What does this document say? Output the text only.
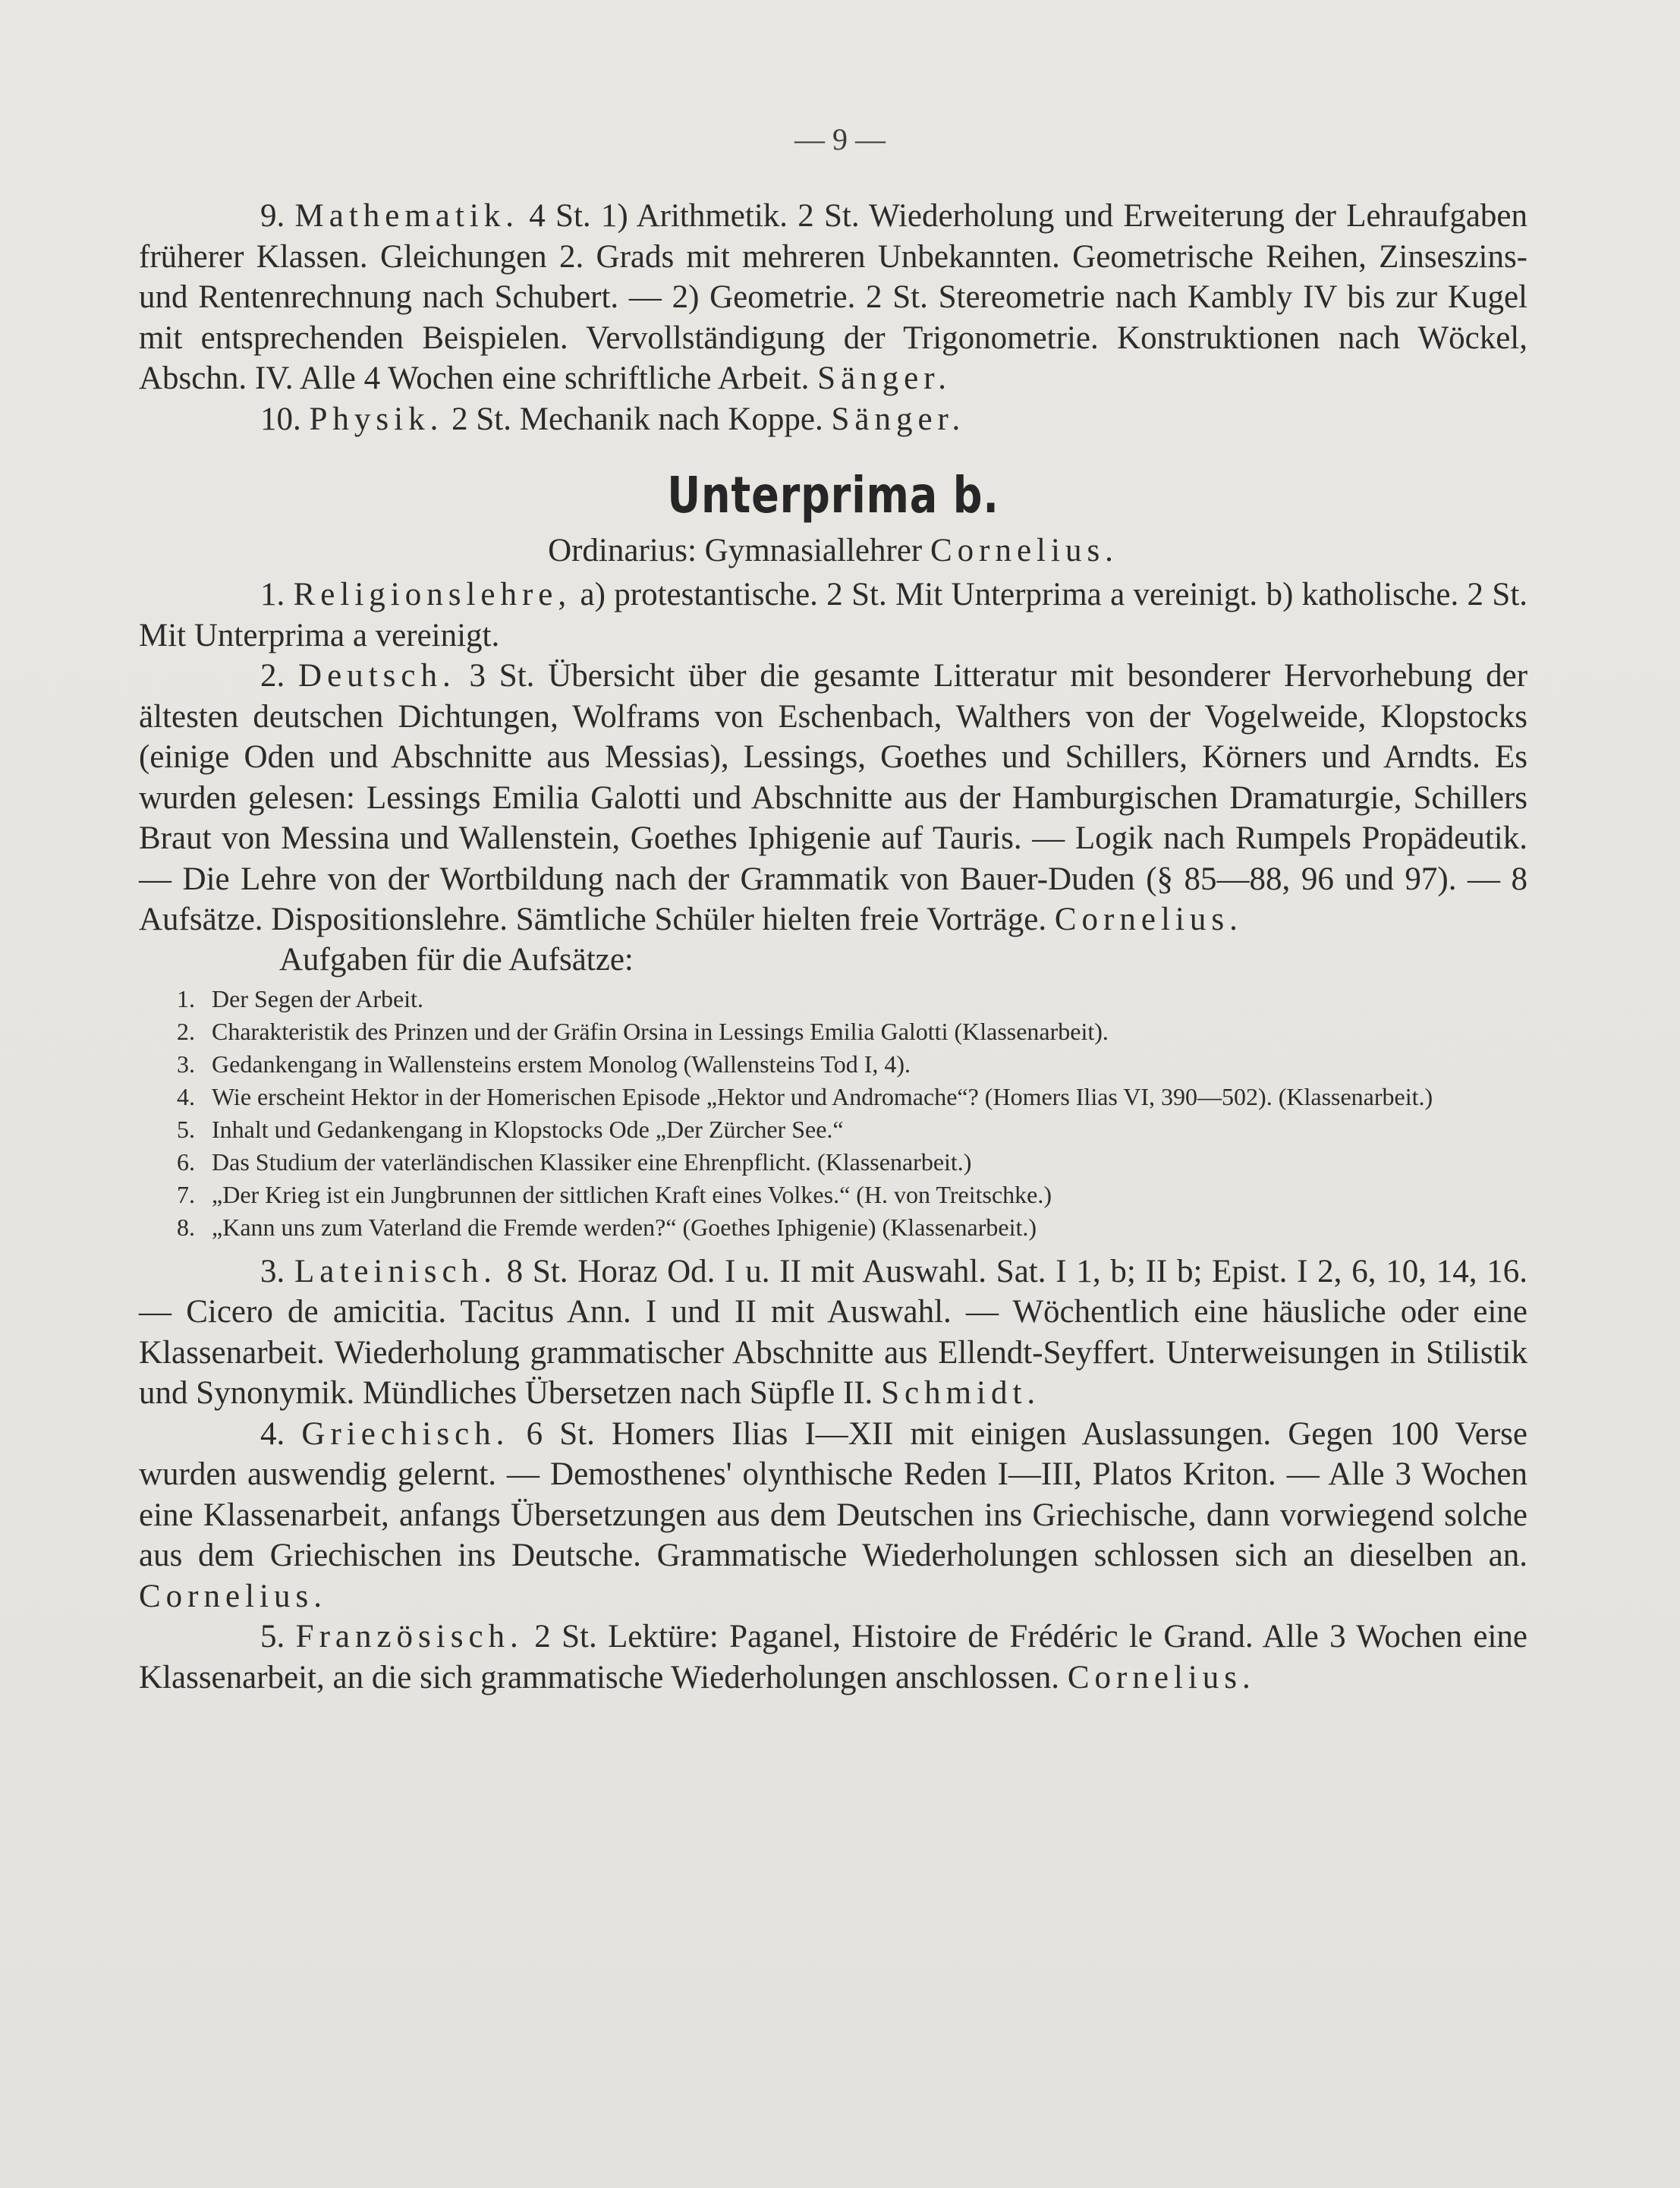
— 9 —

9. Mathematik. 4 St. 1) Arithmetik. 2 St. Wiederholung und Erweiterung der Lehraufgaben früherer Klassen. Gleichungen 2. Grads mit mehreren Unbekannten. Geometrische Reihen, Zinseszins- und Rentenrechnung nach Schubert. — 2) Geometrie. 2 St. Stereometrie nach Kambly IV bis zur Kugel mit entsprechenden Beispielen. Vervollständigung der Trigonometrie. Konstruktionen nach Wöckel, Abschn. IV. Alle 4 Wochen eine schriftliche Arbeit. Sänger.

10. Physik. 2 St. Mechanik nach Koppe. Sänger.

Unterprima b.
Ordinarius: Gymnasiallehrer Cornelius.

1. Religionslehre, a) protestantische. 2 St. Mit Unterprima a vereinigt. b) katholische. 2 St. Mit Unterprima a vereinigt.

2. Deutsch. 3 St. Übersicht über die gesamte Litteratur mit besonderer Hervorhebung der ältesten deutschen Dichtungen, Wolframs von Eschenbach, Walthers von der Vogelweide, Klopstocks (einige Oden und Abschnitte aus Messias), Lessings, Goethes und Schillers, Körners und Arndts. Es wurden gelesen: Lessings Emilia Galotti und Abschnitte aus der Hamburgischen Dramaturgie, Schillers Braut von Messina und Wallenstein, Goethes Iphigenie auf Tauris. — Logik nach Rumpels Propädeutik. — Die Lehre von der Wortbildung nach der Grammatik von Bauer-Duden (§ 85—88, 96 und 97). — 8 Aufsätze. Dispositionslehre. Sämtliche Schüler hielten freie Vorträge. Cornelius.

Aufgaben für die Aufsätze:

1. Der Segen der Arbeit.
2. Charakteristik des Prinzen und der Gräfin Orsina in Lessings Emilia Galotti (Klassenarbeit).
3. Gedankengang in Wallensteins erstem Monolog (Wallensteins Tod I, 4).
4. Wie erscheint Hektor in der Homerischen Episode „Hektor und Andromache“? (Homers Ilias VI, 390—502). (Klassenarbeit.)
5. Inhalt und Gedankengang in Klopstocks Ode „Der Zürcher See.“
6. Das Studium der vaterländischen Klassiker eine Ehrenpflicht. (Klassenarbeit.)
7. „Der Krieg ist ein Jungbrunnen der sittlichen Kraft eines Volkes.“ (H. von Treitschke.)
8. „Kann uns zum Vaterland die Fremde werden?“ (Goethes Iphigenie) (Klassenarbeit.)

3. Lateinisch. 8 St. Horaz Od. I u. II mit Auswahl. Sat. I 1, b; II b; Epist. I 2, 6, 10, 14, 16. — Cicero de amicitia. Tacitus Ann. I und II mit Auswahl. — Wöchentlich eine häusliche oder eine Klassenarbeit. Wiederholung grammatischer Abschnitte aus Ellendt-Seyffert. Unterweisungen in Stilistik und Synonymik. Mündliches Übersetzen nach Süpfle II. Schmidt.

4. Griechisch. 6 St. Homers Ilias I—XII mit einigen Auslassungen. Gegen 100 Verse wurden auswendig gelernt. — Demosthenes' olynthische Reden I—III, Platos Kriton. — Alle 3 Wochen eine Klassenarbeit, anfangs Übersetzungen aus dem Deutschen ins Griechische, dann vorwiegend solche aus dem Griechischen ins Deutsche. Grammatische Wiederholungen schlossen sich an dieselben an. Cornelius.

5. Französisch. 2 St. Lektüre: Paganel, Histoire de Frédéric le Grand. Alle 3 Wochen eine Klassenarbeit, an die sich grammatische Wiederholungen anschlossen. Cornelius.
